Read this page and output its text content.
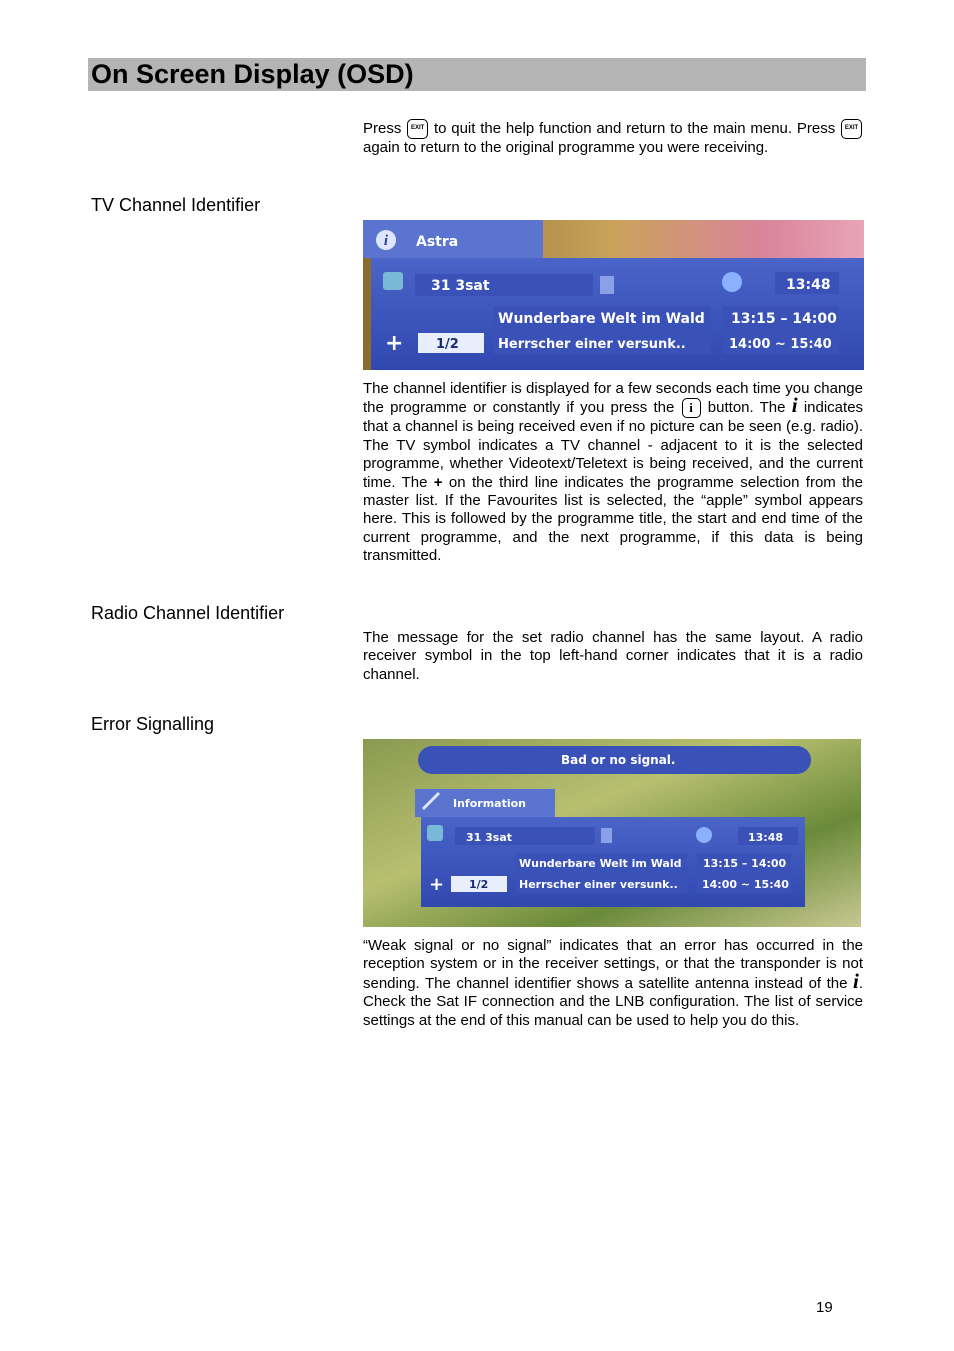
On Screen Display (OSD)
Press EXIT to quit the help function and return to the main menu. Press EXIT again to return to the original programme you were receiving.
TV Channel Identifier
i Astra
31 3sat	13:48
Wunderbare Welt im Wald 13:15 – 14:00
+	1/2	Herrscher einer versunk..	14:00 ~ 15:40
The channel identifier is displayed for a few seconds each time you change the programme or constantly if you press the i button. The i indicates that a channel is being received even if no picture can be seen (e.g. radio). The TV symbol indicates a TV channel - adjacent to it is the selected programme, whether Videotext/Teletext is being received, and the current time. The + on the third line indicates the programme selection from the master list. If the Favourites list is selected, the “apple” symbol appears here. This is followed by the programme title, the start and end time of the current programme, and the next programme, if this data is being transmitted.
Radio Channel Identifier
The message for the set radio channel has the same layout. A radio receiver symbol in the top left-hand corner indicates that it is a radio channel.
Error Signalling
Bad or no signal.
Information
31 3sat	13:48
Wunderbare Welt im Wald 13:15 – 14:00
+ 1/2	Herrscher einer versunk.. 14:00 ~ 15:40
“Weak signal or no signal” indicates that an error has occurred in the reception system or in the receiver settings, or that the transponder is not sending. The channel identifier shows a satellite antenna instead of the i. Check the Sat IF connection and the LNB configuration. The list of service settings at the end of this manual can be used to help you do this.
19
